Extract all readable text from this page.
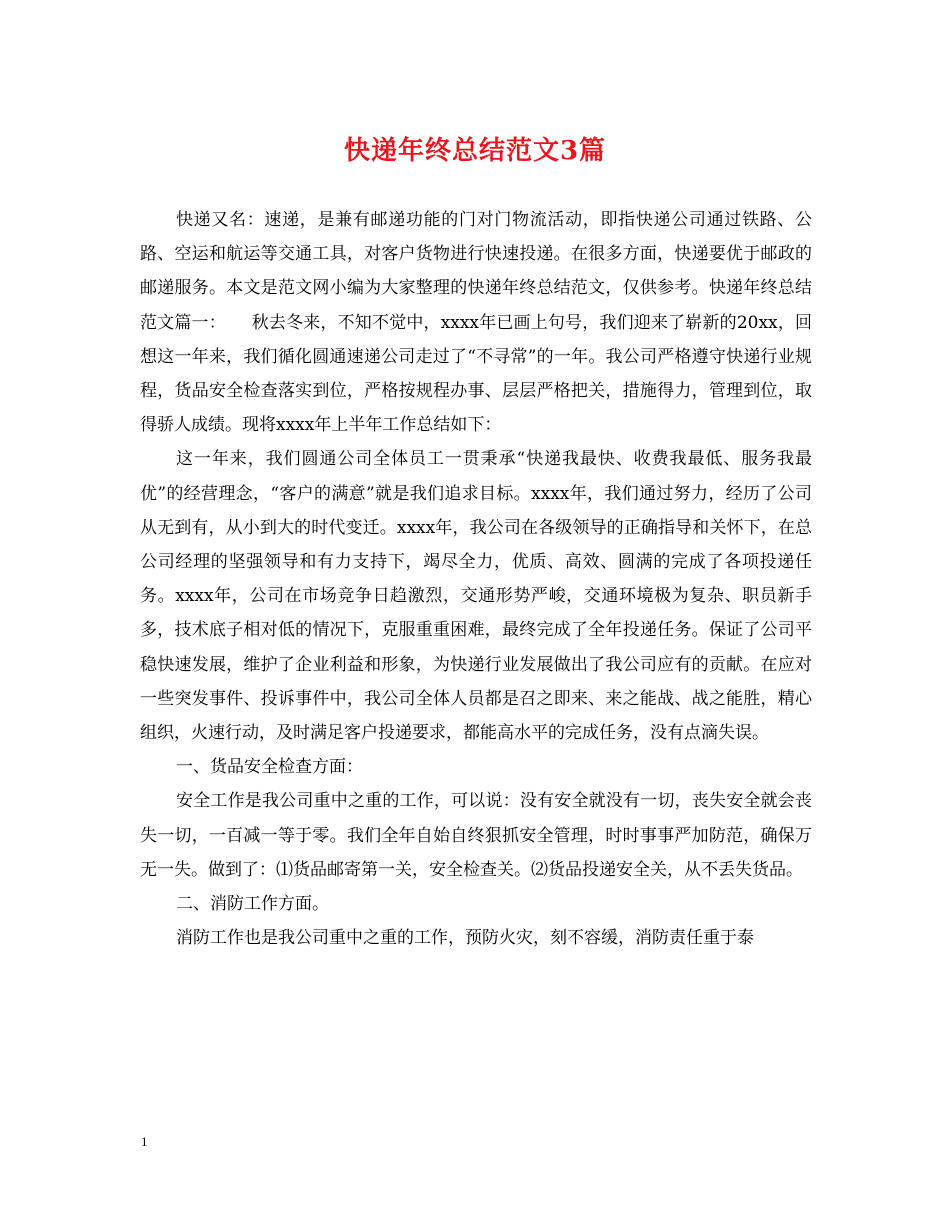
快递年终总结范文3篇

快递又名：速递，是兼有邮递功能的门对门物流活动，即指快递公司通过铁路、公路、空运和航运等交通工具，对客户货物进行快速投递。在很多方面，快递要优于邮政的邮递服务。本文是范文网小编为大家整理的快递年终总结范文，仅供参考。快递年终总结范文篇一：　　秋去冬来，不知不觉中，xxxx年已画上句号，我们迎来了崭新的20xx，回想这一年来，我们循化圆通速递公司走过了“不寻常”的一年。我公司严格遵守快递行业规程，货品安全检查落实到位，严格按规程办事、层层严格把关，措施得力，管理到位，取得骄人成绩。现将xxxx年上半年工作总结如下：

这一年来，我们圆通公司全体员工一贯秉承“快递我最快、收费我最低、服务我最优”的经营理念，“客户的满意”就是我们追求目标。xxxx年，我们通过努力，经历了公司从无到有，从小到大的时代变迁。xxxx年，我公司在各级领导的正确指导和关怀下，在总公司经理的坚强领导和有力支持下，竭尽全力，优质、高效、圆满的完成了各项投递任务。xxxx年，公司在市场竞争日趋激烈，交通形势严峻，交通环境极为复杂、职员新手多，技术底子相对低的情况下，克服重重困难，最终完成了全年投递任务。保证了公司平稳快速发展，维护了企业利益和形象，为快递行业发展做出了我公司应有的贡献。在应对一些突发事件、投诉事件中，我公司全体人员都是召之即来、来之能战、战之能胜，精心组织，火速行动，及时满足客户投递要求，都能高水平的完成任务，没有点滴失误。

一、货品安全检查方面：

安全工作是我公司重中之重的工作，可以说：没有安全就没有一切，丧失安全就会丧失一切，一百减一等于零。我们全年自始自终狠抓安全管理，时时事事严加防范，确保万无一失。做到了：⑴货品邮寄第一关，安全检查关。⑵货品投递安全关，从不丢失货品。

二、消防工作方面。

消防工作也是我公司重中之重的工作，预防火灾，刻不容缓，消防责任重于泰

1
